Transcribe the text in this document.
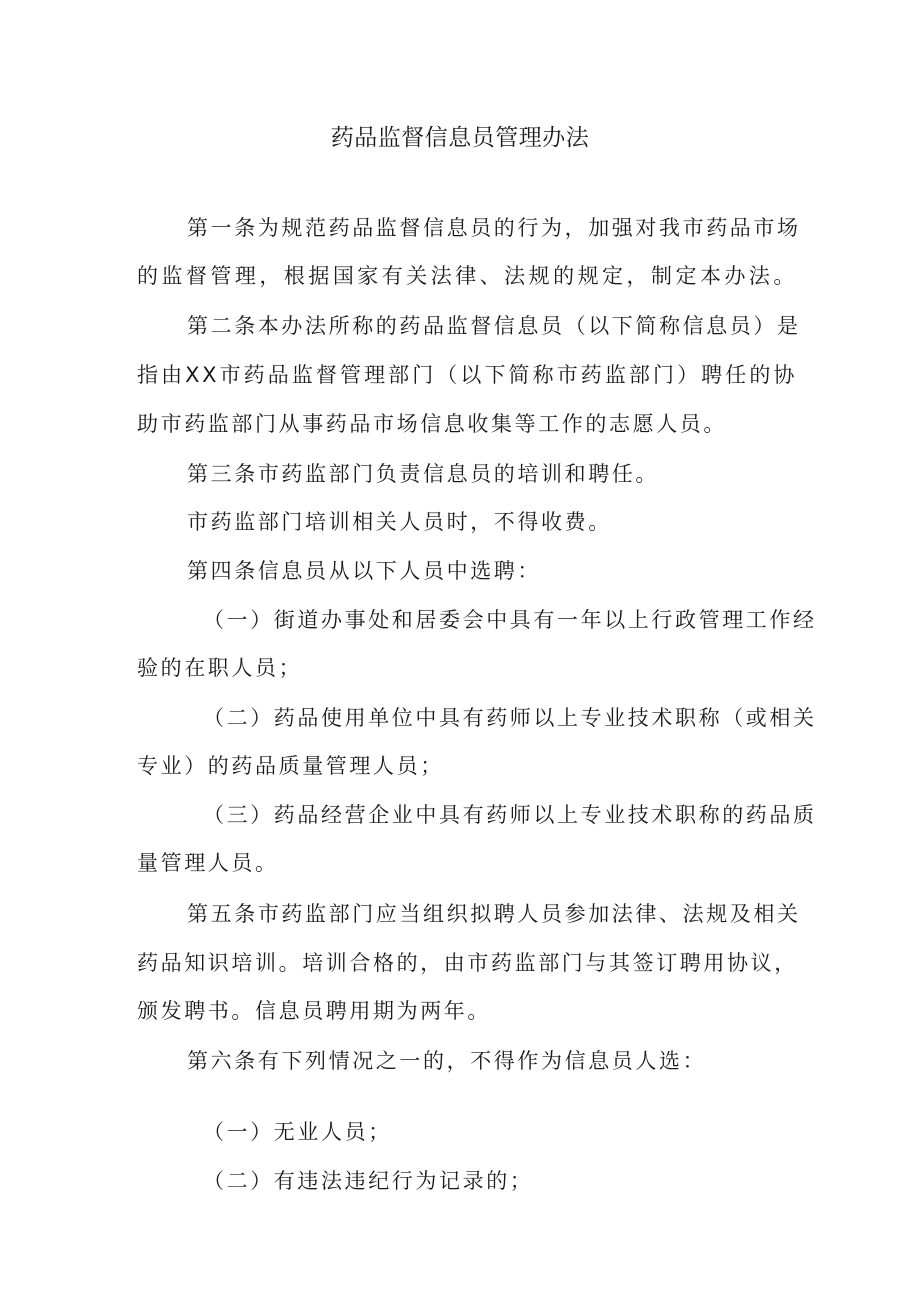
药品监督信息员管理办法
第一条为规范药品监督信息员的行为，加强对我市药品市场
的监督管理，根据国家有关法律、法规的规定，制定本办法。
第二条本办法所称的药品监督信息员（以下简称信息员）是
指由XX市药品监督管理部门（以下简称市药监部门）聘任的协
助市药监部门从事药品市场信息收集等工作的志愿人员。
第三条市药监部门负责信息员的培训和聘任。
市药监部门培训相关人员时，不得收费。
第四条信息员从以下人员中选聘：
（一）街道办事处和居委会中具有一年以上行政管理工作经
验的在职人员；
（二）药品使用单位中具有药师以上专业技术职称（或相关
专业）的药品质量管理人员；
（三）药品经营企业中具有药师以上专业技术职称的药品质
量管理人员。
第五条市药监部门应当组织拟聘人员参加法律、法规及相关
药品知识培训。培训合格的，由市药监部门与其签订聘用协议，
颁发聘书。信息员聘用期为两年。
第六条有下列情况之一的，不得作为信息员人选：
（一）无业人员；
（二）有违法违纪行为记录的；
